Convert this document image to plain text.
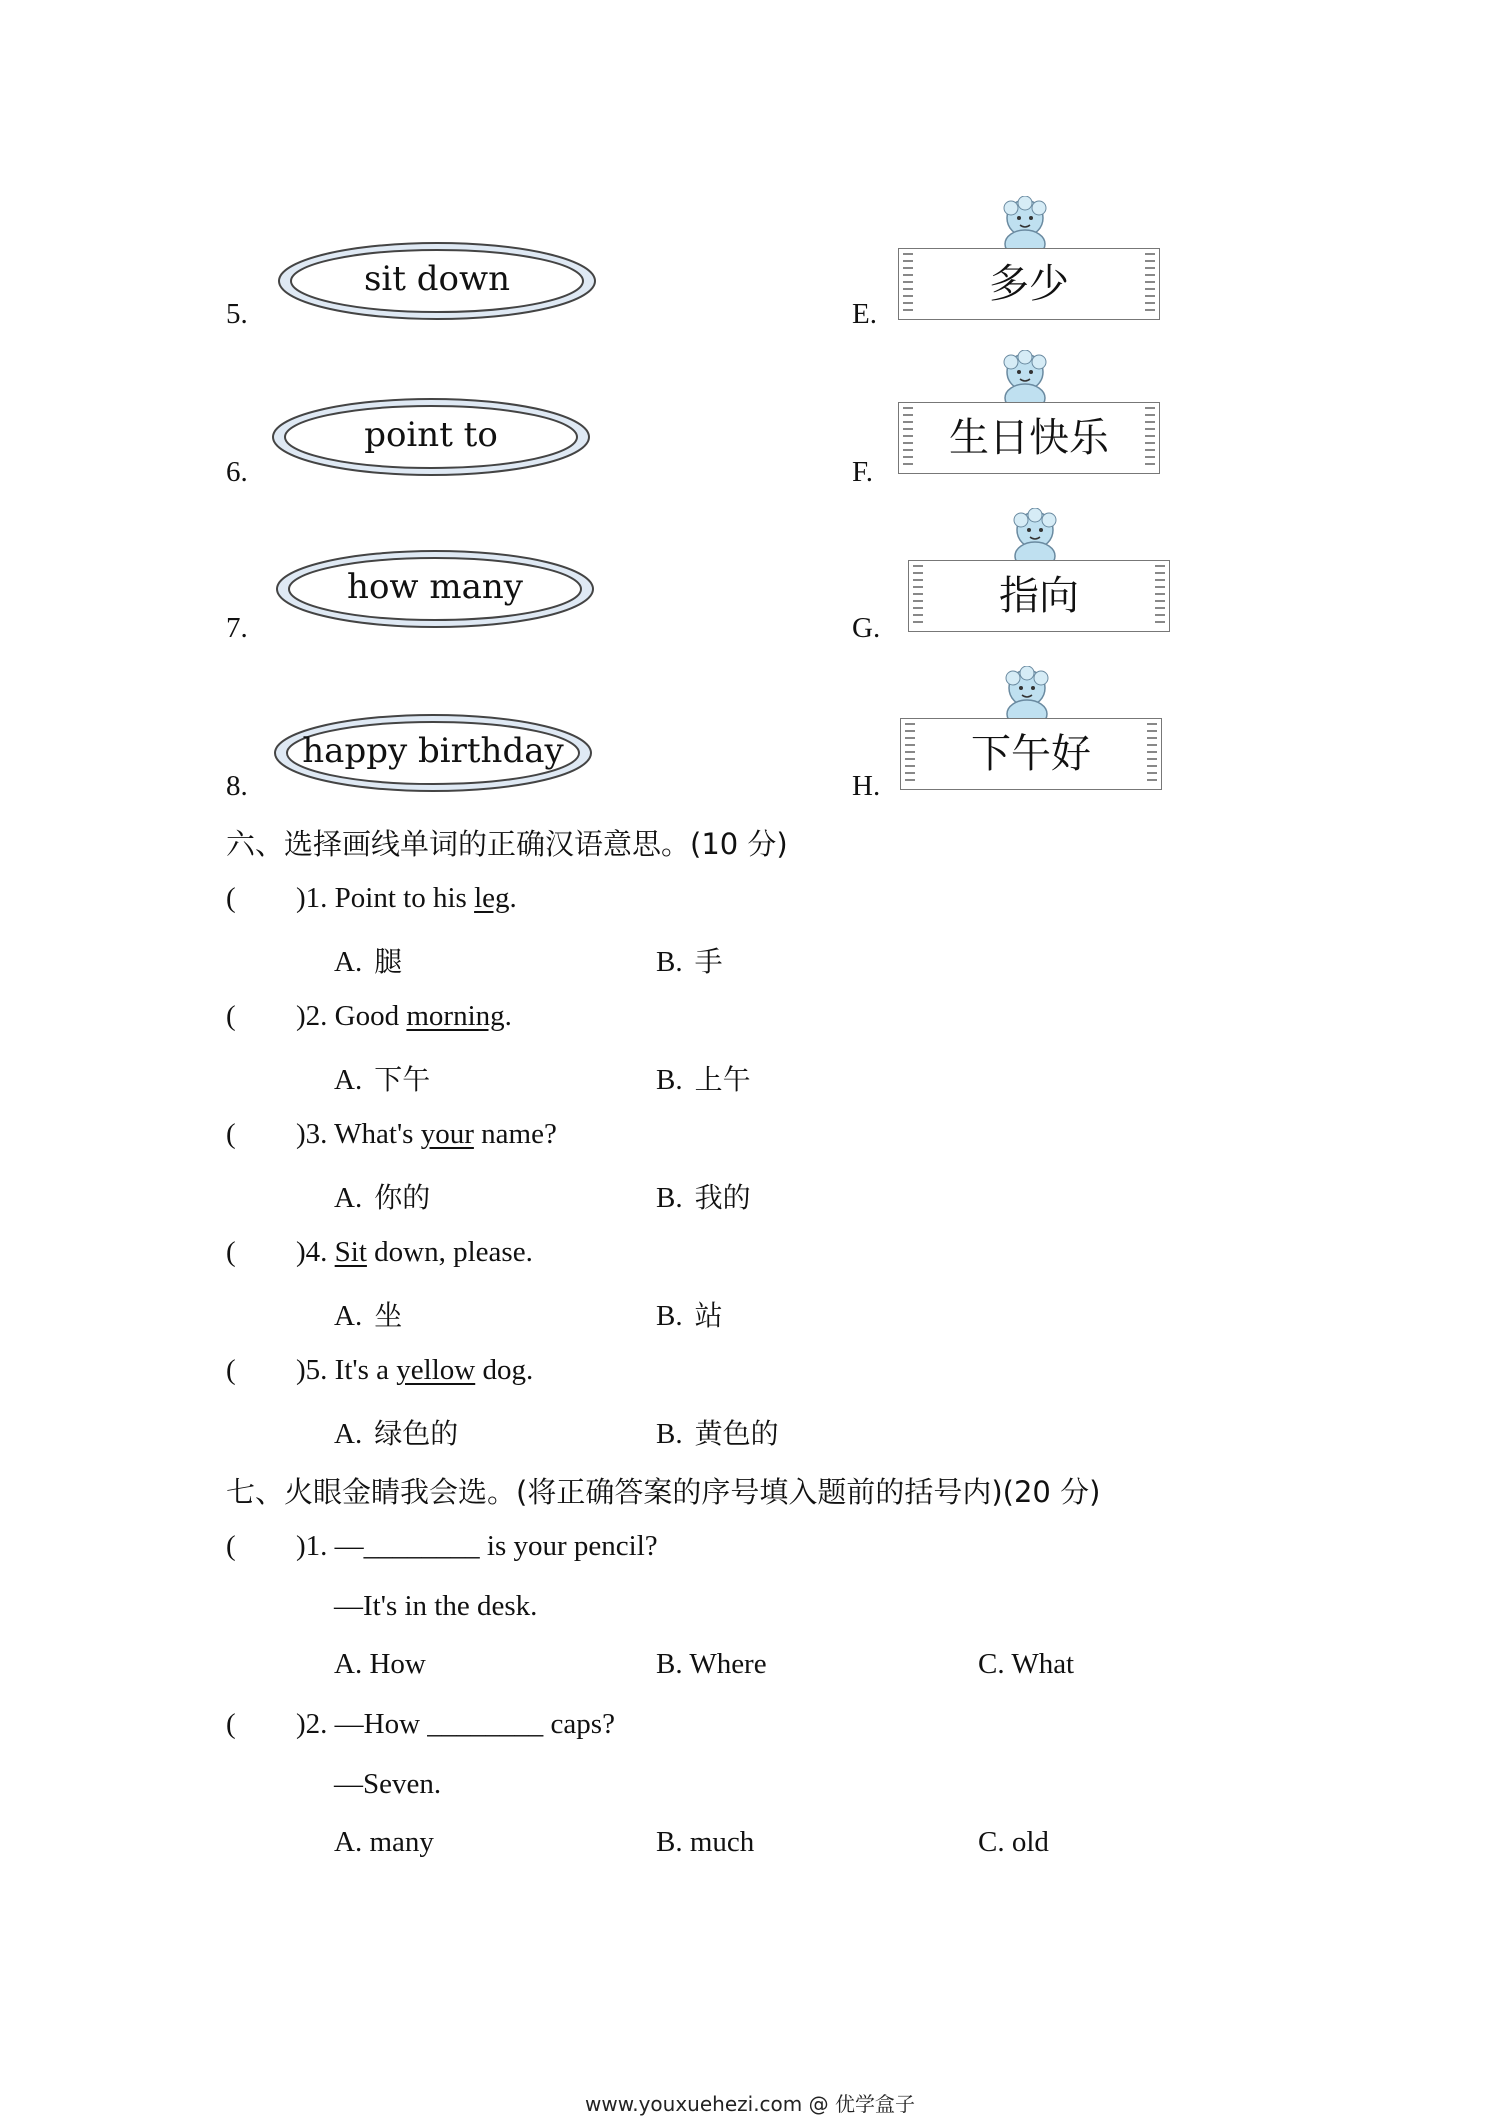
5.
sit down
6.
point to
7.
how many
8.
happy birthday
E.
多少
F.
生日快乐
G.
指向
H.
下午好
六、选择画线单词的正确汉语意思。(10 分)
( )1. Point to his leg.
A. 腿	B. 手
( )2. Good morning.
A. 下午	B. 上午
( )3. What's your name?
A. 你的	B. 我的
( )4. Sit down, please.
A. 坐	B. 站
( )5. It's a yellow dog.
A. 绿色的	B. 黄色的
七、火眼金睛我会选。(将正确答案的序号填入题前的括号内)(20 分)
( )1. —________ is your pencil?
—It's in the desk.
A. How	B. Where	C. What
( )2. —How ________ caps?
—Seven.
A. many	B. much	C. old
www.youxuehezi.com @ 优学盒子
